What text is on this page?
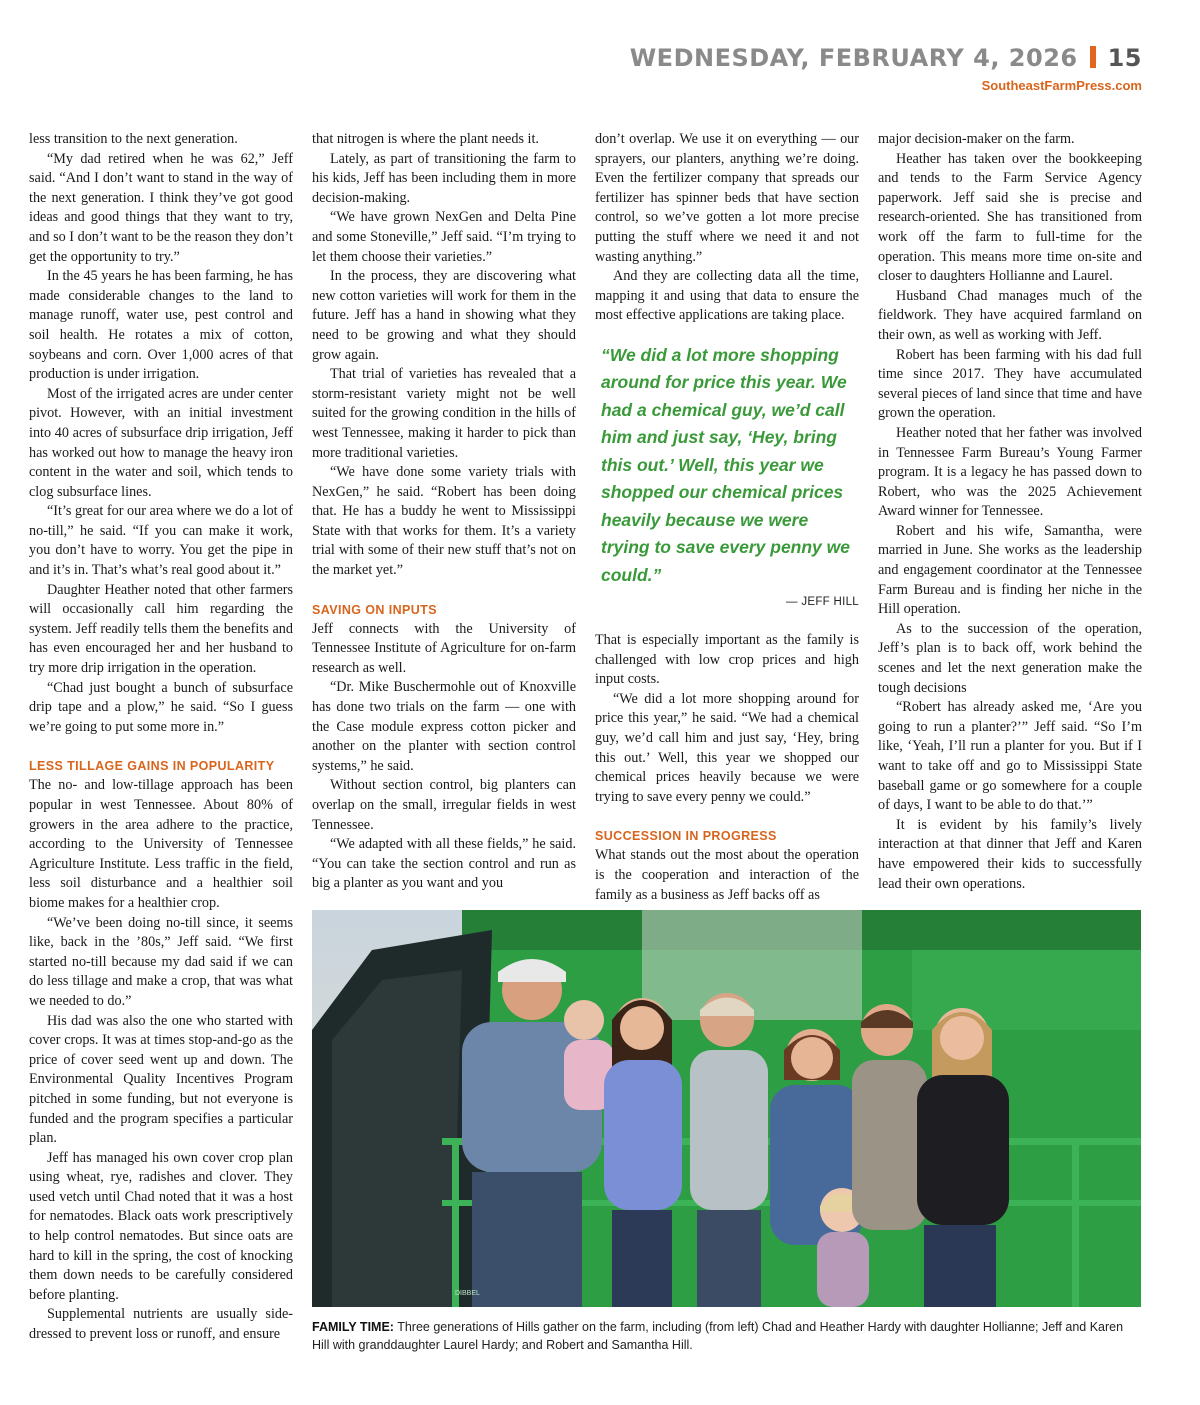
WEDNESDAY, FEBRUARY 4, 2026 15
SoutheastFarmPress.com

less transition to the next generation.

“My dad retired when he was 62,” Jeff said. “And I don’t want to stand in the way of the next generation. I think they’ve got good ideas and good things that they want to try, and so I don’t want to be the reason they don’t get the opportunity to try.”

In the 45 years he has been farming, he has made considerable changes to the land to manage runoff, water use, pest control and soil health. He rotates a mix of cotton, soybeans and corn. Over 1,000 acres of that production is under irrigation.

Most of the irrigated acres are under center pivot. However, with an initial investment into 40 acres of subsurface drip irrigation, Jeff has worked out how to manage the heavy iron content in the water and soil, which tends to clog subsurface lines.

“It’s great for our area where we do a lot of no-till,” he said. “If you can make it work, you don’t have to worry. You get the pipe in and it’s in. That’s what’s real good about it.”

Daughter Heather noted that other farmers will occasionally call him regarding the system. Jeff readily tells them the benefits and has even encouraged her and her husband to try more drip irrigation in the operation.

“Chad just bought a bunch of subsurface drip tape and a plow,” he said. “So I guess we’re going to put some more in.”

LESS TILLAGE GAINS IN POPULARITY

The no- and low-tillage approach has been popular in west Tennessee. About 80% of growers in the area adhere to the practice, according to the University of Tennessee Agriculture Institute. Less traffic in the field, less soil disturbance and a healthier soil biome makes for a healthier crop.

“We’ve been doing no-till since, it seems like, back in the ’80s,” Jeff said. “We first started no-till because my dad said if we can do less tillage and make a crop, that was what we needed to do.”

His dad was also the one who started with cover crops. It was at times stop-and-go as the price of cover seed went up and down. The Environmental Quality Incentives Program pitched in some funding, but not everyone is funded and the program specifies a particular plan.

Jeff has managed his own cover crop plan using wheat, rye, radishes and clover. They used vetch until Chad noted that it was a host for nematodes. Black oats work prescriptively to help control nematodes. But since oats are hard to kill in the spring, the cost of knocking them down needs to be carefully considered before planting.

Supplemental nutrients are usually side-dressed to prevent loss or runoff, and ensure

that nitrogen is where the plant needs it.

Lately, as part of transitioning the farm to his kids, Jeff has been including them in more decision-making.

“We have grown NexGen and Delta Pine and some Stoneville,” Jeff said. “I’m trying to let them choose their varieties.”

In the process, they are discovering what new cotton varieties will work for them in the future. Jeff has a hand in showing what they need to be growing and what they should grow again.

That trial of varieties has revealed that a storm-resistant variety might not be well suited for the growing condition in the hills of west Tennessee, making it harder to pick than more traditional varieties.

“We have done some variety trials with NexGen,” he said. “Robert has been doing that. He has a buddy he went to Mississippi State with that works for them. It’s a variety trial with some of their new stuff that’s not on the market yet.”

SAVING ON INPUTS

Jeff connects with the University of Tennessee Institute of Agriculture for on-farm research as well.

“Dr. Mike Buschermohle out of Knoxville has done two trials on the farm — one with the Case module express cotton picker and another on the planter with section control systems,” he said.

Without section control, big planters can overlap on the small, irregular fields in west Tennessee.

“We adapted with all these fields,” he said. “You can take the section control and run as big a planter as you want and you

don’t overlap. We use it on everything — our sprayers, our planters, anything we’re doing. Even the fertilizer company that spreads our fertilizer has spinner beds that have section control, so we’ve gotten a lot more precise putting the stuff where we need it and not wasting anything.”

And they are collecting data all the time, mapping it and using that data to ensure the most effective applications are taking place.

“We did a lot more shopping around for price this year. We had a chemical guy, we’d call him and just say, ‘Hey, bring this out.’ Well, this year we shopped our chemical prices heavily because we were trying to save every penny we could.”
— JEFF HILL

That is especially important as the family is challenged with low crop prices and high input costs.

“We did a lot more shopping around for price this year,” he said. “We had a chemical guy, we’d call him and just say, ‘Hey, bring this out.’ Well, this year we shopped our chemical prices heavily because we were trying to save every penny we could.”

SUCCESSION IN PROGRESS

What stands out the most about the operation is the cooperation and interaction of the family as a business as Jeff backs off as

major decision-maker on the farm.

Heather has taken over the bookkeeping and tends to the Farm Service Agency paperwork. Jeff said she is precise and research-oriented. She has transitioned from work off the farm to full-time for the operation. This means more time on-site and closer to daughters Hollianne and Laurel.

Husband Chad manages much of the fieldwork. They have acquired farmland on their own, as well as working with Jeff.

Robert has been farming with his dad full time since 2017. They have accumulated several pieces of land since that time and have grown the operation.

Heather noted that her father was involved in Tennessee Farm Bureau’s Young Farmer program. It is a legacy he has passed down to Robert, who was the 2025 Achievement Award winner for Tennessee.

Robert and his wife, Samantha, were married in June. She works as the leadership and engagement coordinator at the Tennessee Farm Bureau and is finding her niche in the Hill operation.

As to the succession of the operation, Jeff’s plan is to back off, work behind the scenes and let the next generation make the tough decisions

“Robert has already asked me, ‘Are you going to run a planter?’” Jeff said. “So I’m like, ‘Yeah, I’ll run a planter for you. But if I want to take off and go to Mississippi State baseball game or go somewhere for a couple of days, I want to be able to do that.’”

It is evident by his family’s lively interaction at that dinner that Jeff and Karen have empowered their kids to successfully lead their own operations.

DIBBEL
FAMILY TIME: Three generations of Hills gather on the farm, including (from left) Chad and Heather Hardy with daughter Hollianne; Jeff and Karen Hill with granddaughter Laurel Hardy; and Robert and Samantha Hill.
